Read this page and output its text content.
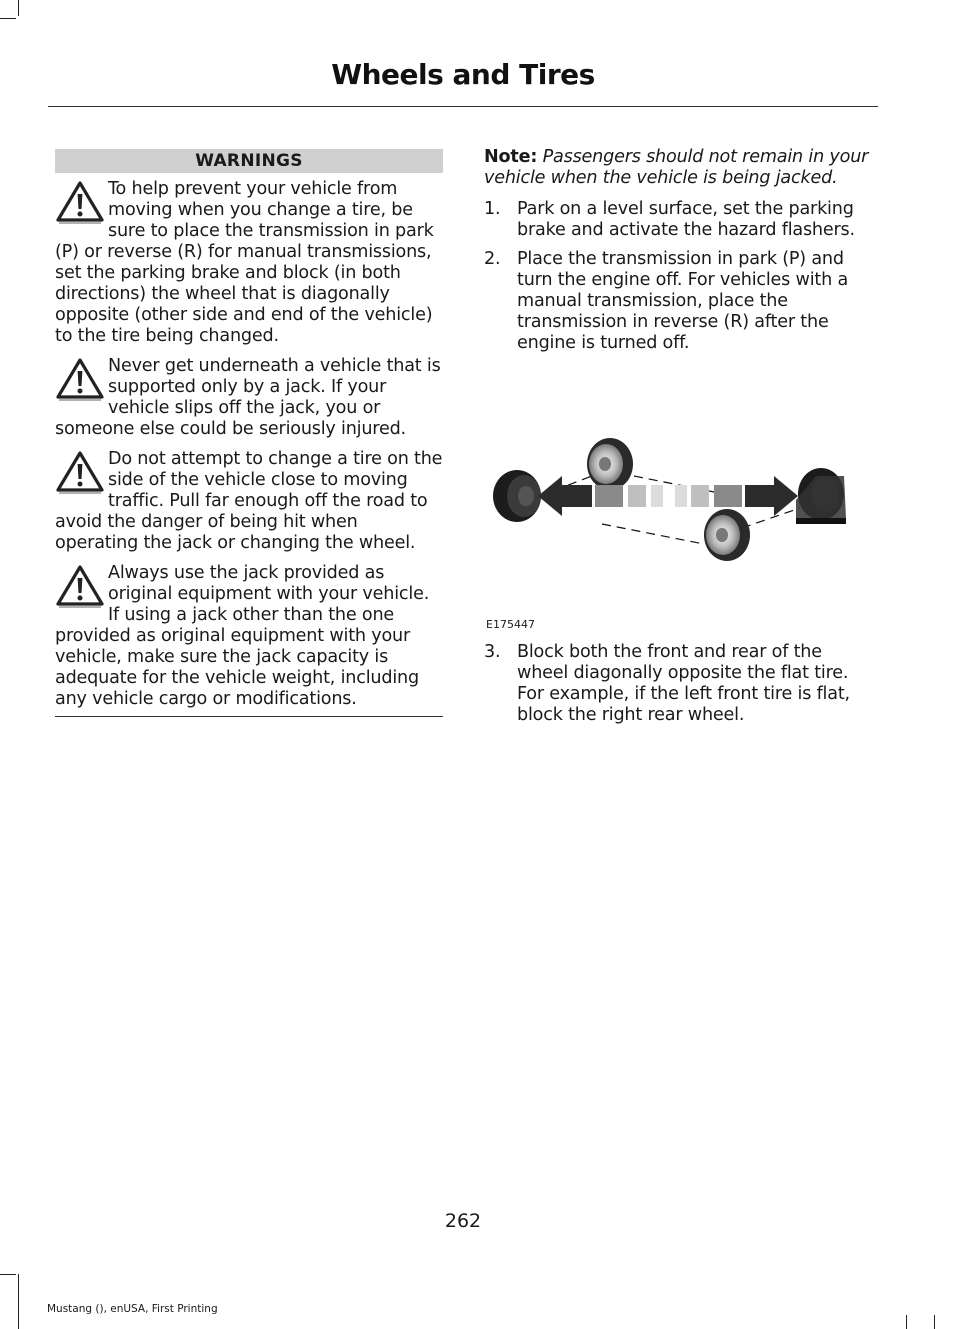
Wheels and Tires
WARNINGS
To help prevent your vehicle from moving when you change a tire, be sure to place the transmission in park (P) or reverse (R) for manual transmissions, set the parking brake and block (in both directions) the wheel that is diagonally opposite (other side and end of the vehicle) to the tire being changed.
Never get underneath a vehicle that is supported only by a jack. If your vehicle slips off the jack, you or someone else could be seriously injured.
Do not attempt to change a tire on the side of the vehicle close to moving traffic. Pull far enough off the road to avoid the danger of being hit when operating the jack or changing the wheel.
Always use the jack provided as original equipment with your vehicle. If using a jack other than the one provided as original equipment with your vehicle, make sure the jack capacity is adequate for the vehicle weight, including any vehicle cargo or modifications.

Note: Passengers should not remain in your vehicle when the vehicle is being jacked.

1. Park on a level surface, set the parking brake and activate the hazard flashers.
2. Place the transmission in park (P) and turn the engine off. For vehicles with a manual transmission, place the transmission in reverse (R) after the engine is turned off.
E175447
3. Block both the front and rear of the wheel diagonally opposite the flat tire. For example, if the left front tire is flat, block the right rear wheel.
262
Mustang (), enUSA, First Printing
